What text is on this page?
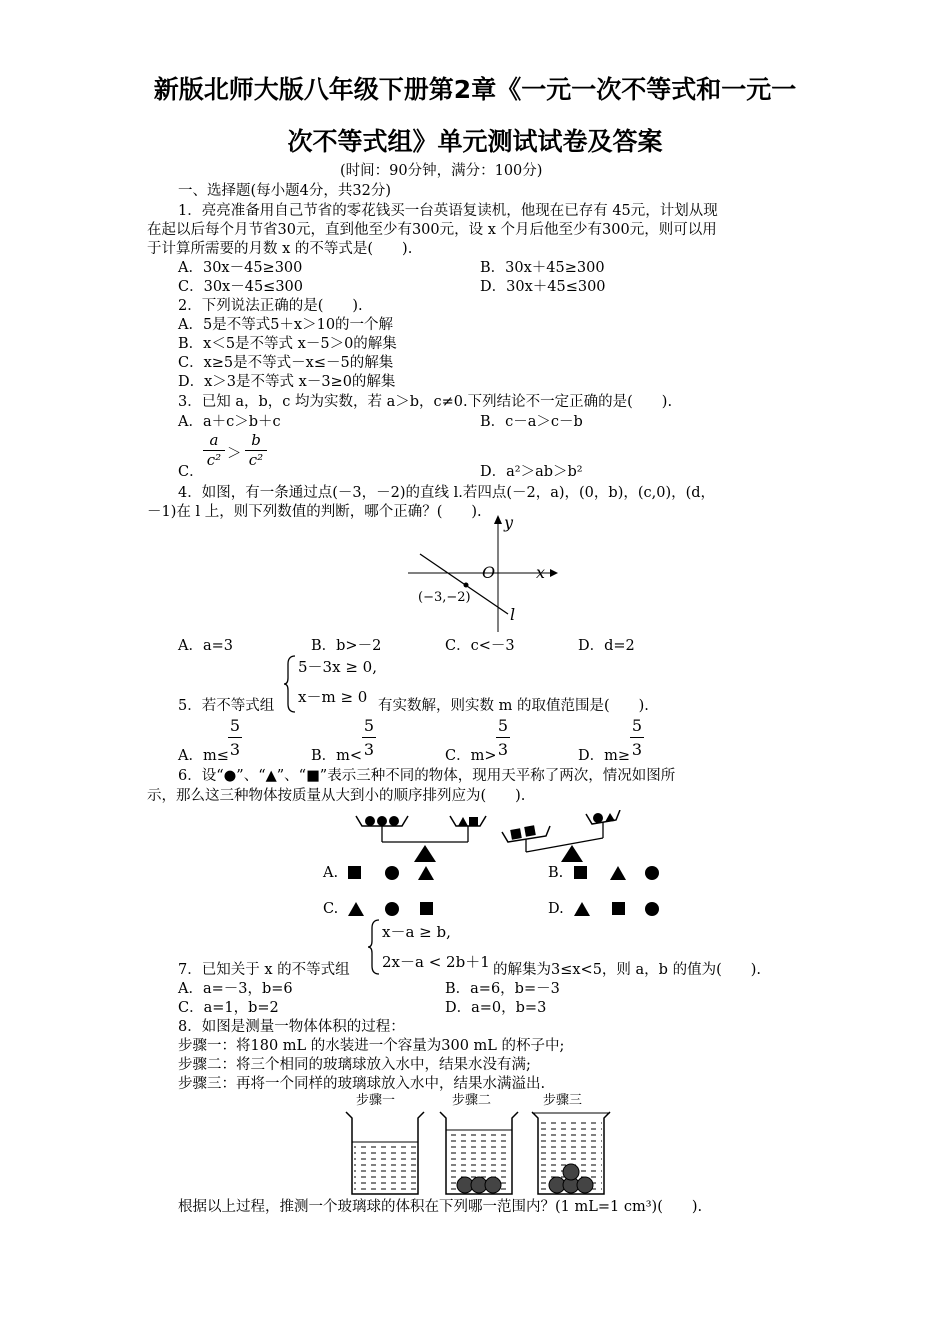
新版北师大版八年级下册第2章《一元一次不等式和一元一
次不等式组》单元测试试卷及答案
(时间：90分钟，满分：100分)
一、选择题(每小题4分，共32分)
1．亮亮准备用自己节省的零花钱买一台英语复读机，他现在已存有 45元，计划从现
在起以后每个月节省30元，直到他至少有300元，设 x 个月后他至少有300元，则可以用
于计算所需要的月数 x 的不等式是(　　).
A．30x－45≥300	B．30x＋45≥300
C．30x－45≤300	D．30x＋45≤300
2．下列说法正确的是(　　).
A．5是不等式5＋x＞10的一个解
B．x＜5是不等式 x－5＞0的解集
C．x≥5是不等式－x≤－5的解集
D．x＞3是不等式 x－3≥0的解集
3．已知 a，b，c 均为实数，若 a＞b，c≠0.下列结论不一定正确的是(　　).
A．a＋c＞b＋c	B．c－a＞c－b
C．
a
c² ＞
b
c²
D．a²＞ab＞b²
4．如图，有一条通过点(－3，－2)的直线 l.若四点(－2，a)，(0，b)，(c,0)，(d，
－1)在 l 上，则下列数值的判断，哪个正确？(　　).
x
y
O
l
(−3,−2)
A．a=3	B．b>－2	C．c<－3	D．d=2
5－3x ≥ 0,
x－m ≥ 0
5．若不等式组	有实数解，则实数 m 的取值范围是(　　).
A．m≤
5
3	B．m<
5
3	C．m>
5
3	D．m≥
5
3
6．设“●”、“▲”、“■”表示三种不同的物体，现用天平称了两次，情况如图所
示，那么这三种物体按质量从大到小的顺序排列应为(　　).
A.	B.
C.	D.
x－a ≥ b,
2x－a < 2b＋1
7．已知关于 x 的不等式组	的解集为3≤x<5，则 a，b 的值为(　　).
A．a=－3，b=6	B．a=6，b=－3
C．a=1，b=2	D．a=0，b=3
8．如图是测量一物体体积的过程：
步骤一：将180 mL 的水装进一个容量为300 mL 的杯子中;
步骤二：将三个相同的玻璃球放入水中，结果水没有满;
步骤三：再将一个同样的玻璃球放入水中，结果水满溢出.
步骤一	步骤二	步骤三
根据以上过程，推测一个玻璃球的体积在下列哪一范围内？(1 mL=1 cm³)(　　).
